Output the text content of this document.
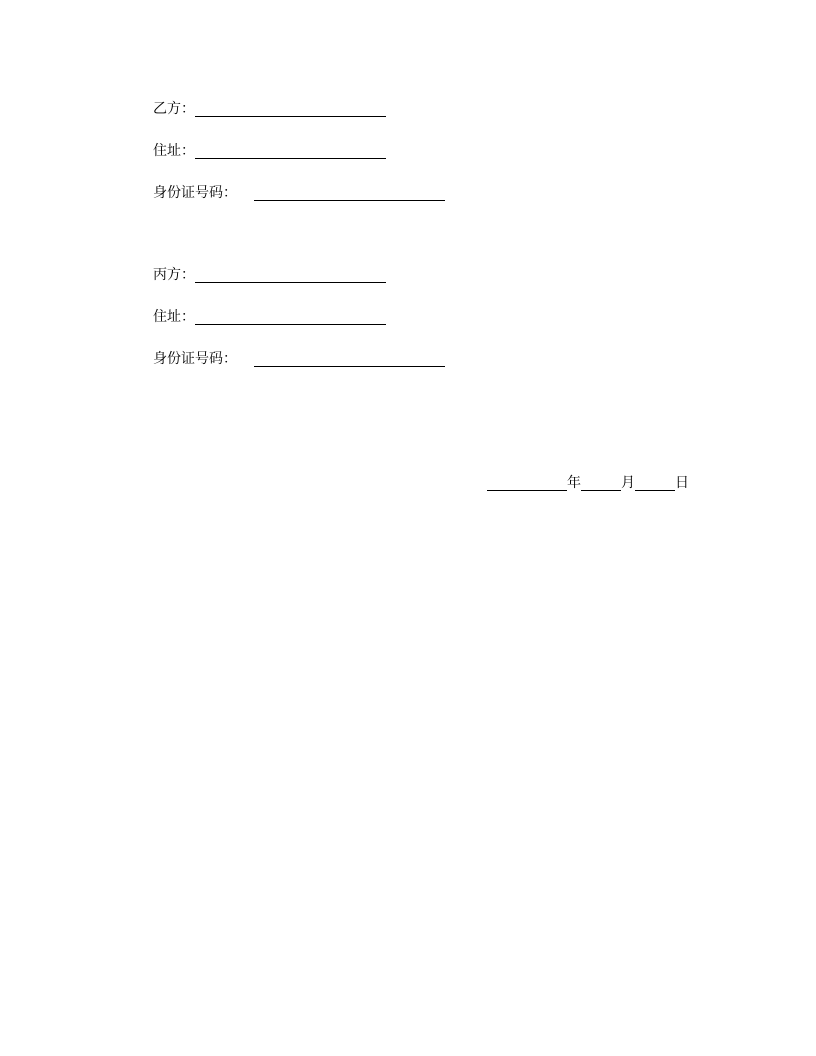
乙方：
住址：
身份证号码：
丙方：
住址：
身份证号码：
年	月	日
